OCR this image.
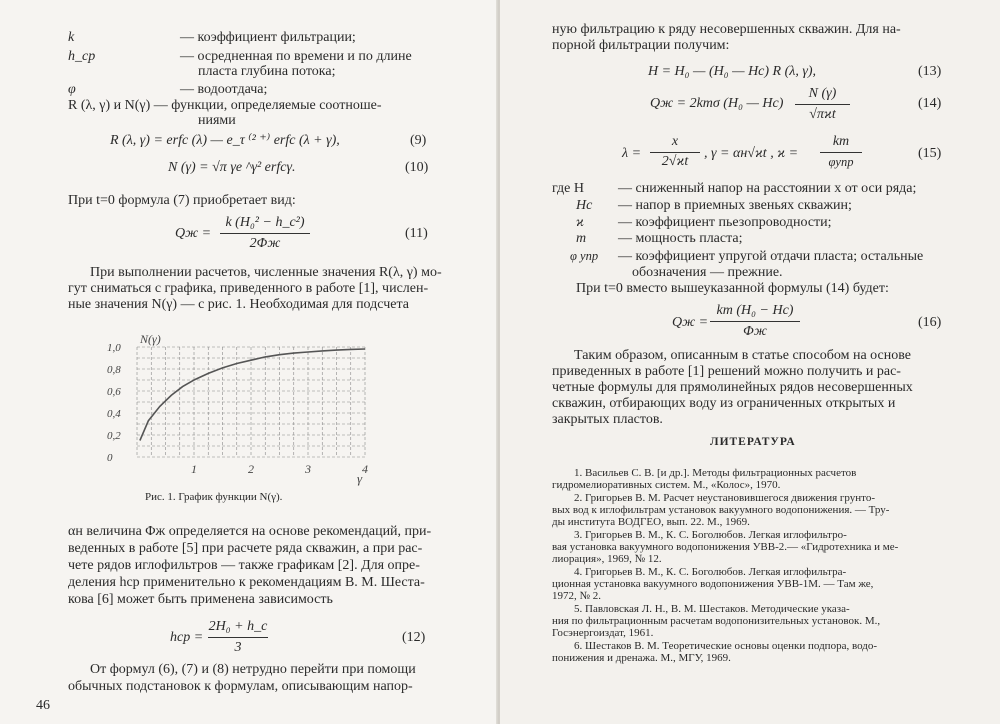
k	— коэффициент фильтрации;
h_ср	— осредненная по времени и по длине
пласта глубина потока;
φ	— водоотдача;
R (λ, γ) и N(γ) — функции, определяемые соотноше-
ниями
R (λ, γ) = erfc (λ) — e_τ ⁽² ⁺⁾ erfc (λ + γ),	(9)
N (γ) = √π γe ^γ² erfcγ.	(10)
При t=0 формула (7) приобретает вид:
Qж =
k (H₀² − h_c²)
2Φж
(11)
При выполнении расчетов, численные значения R(λ, γ) мо-
гут сниматься с графика, приведенного в работе [1], числен-
ные значения N(γ) — с рис. 1. Необходимая для подсчета
1	2	3	4
0
0,2
0,4
0,6
0,8
1,0
N(γ)
γ
Рис. 1. График функции N(γ).
αн величина Φж определяется на основе рекомендаций, при-
веденных в работе [5] при расчете ряда скважин, а при рас-
чете рядов иглофильтров — также графикам [2]. Для опре-
деления hср применительно к рекомендациям В. М. Шеста-
кова [6] может быть применена зависимость
hср =
2H₀ + h_c
3
(12)
От формул (6), (7) и (8) нетрудно перейти при помощи
обычных подстановок к формулам, описывающим напор-
46
ную фильтрацию к ряду несовершенных скважин. Для на-
порной фильтрации получим:
H = H₀ — (H₀ — Hc) R (λ, γ),	(13)
Qж = 2kmσ (H₀ — Hc)
N (γ)
√πϰt
(14)
λ =
x
2√ϰt
, γ = αн√ϰt , ϰ =
km
φупр
(15)
где H — сниженный напор на расстоянии x от оси ряда;
Hc — напор в приемных звеньях скважин;
ϰ — коэффициент пьезопроводности;
m — мощность пласта;
φ упр — коэффициент упругой отдачи пласта; остальные
обозначения — прежние.
При t=0 вместо вышеуказанной формулы (14) будет:
Qж =
km (H₀ − Hc)
Φж
(16)
Таким образом, описанным в статье способом на основе
приведенных в работе [1] решений можно получить и рас-
четные формулы для прямолинейных рядов несовершенных
скважин, отбирающих воду из ограниченных открытых и
закрытых пластов.
ЛИТЕРАТУРА
1. Васильев С. В. [и др.]. Методы фильтрационных расчетов
гидромелиоративных систем. М., «Колос», 1970.
2. Григорьев В. М. Расчет неустановившегося движения грунто-
вых вод к иглофильтрам установок вакуумного водопонижения. — Тру-
ды института ВОДГЕО, вып. 22. М., 1969.
3. Григорьев В. М., К. С. Боголюбов. Легкая иглофильтро-
вая установка вакуумного водопонижения УВВ-2.— «Гидротехника и ме-
лиорация», 1969, № 12.
4. Григорьев В. М., К. С. Боголюбов. Легкая иглофильтра-
ционная установка вакуумного водопонижения УВВ-1М. — Там же,
1972, № 2.
5. Павловская Л. Н., В. М. Шестаков. Методические указа-
ния по фильтрационным расчетам водопонизительных установок. М.,
Госэнергоиздат, 1961.
6. Шестаков В. М. Теоретические основы оценки подпора, водо-
понижения и дренажа. М., МГУ, 1969.
